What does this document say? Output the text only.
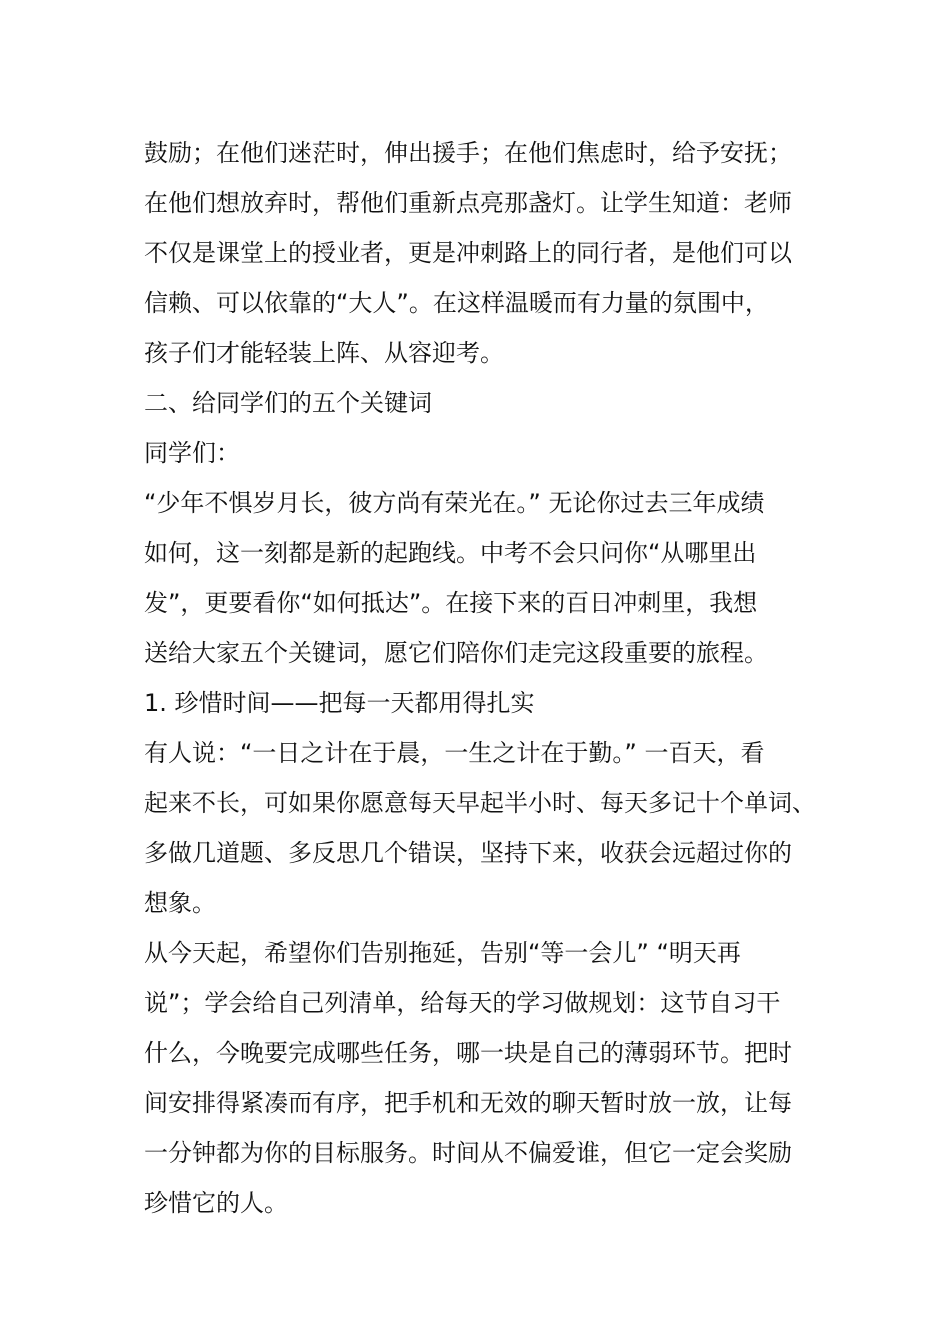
鼓励；在他们迷茫时，伸出援手；在他们焦虑时，给予安抚；
在他们想放弃时，帮他们重新点亮那盏灯。让学生知道：老师
不仅是课堂上的授业者，更是冲刺路上的同行者，是他们可以
信赖、可以依靠的“大人”。在这样温暖而有力量的氛围中，
孩子们才能轻装上阵、从容迎考。
二、给同学们的五个关键词
同学们：
“少年不惧岁月长，彼方尚有荣光在。” 无论你过去三年成绩
如何，这一刻都是新的起跑线。中考不会只问你“从哪里出
发”，更要看你“如何抵达”。在接下来的百日冲刺里，我想
送给大家五个关键词，愿它们陪你们走完这段重要的旅程。
1. 珍惜时间——把每一天都用得扎实
有人说：“一日之计在于晨，一生之计在于勤。” 一百天，看
起来不长，可如果你愿意每天早起半小时、每天多记十个单词、
多做几道题、多反思几个错误，坚持下来，收获会远超过你的
想象。
从今天起，希望你们告别拖延，告别“等一会儿” “明天再
说”；学会给自己列清单，给每天的学习做规划：这节自习干
什么，今晚要完成哪些任务，哪一块是自己的薄弱环节。把时
间安排得紧凑而有序，把手机和无效的聊天暂时放一放，让每
一分钟都为你的目标服务。时间从不偏爱谁，但它一定会奖励
珍惜它的人。
